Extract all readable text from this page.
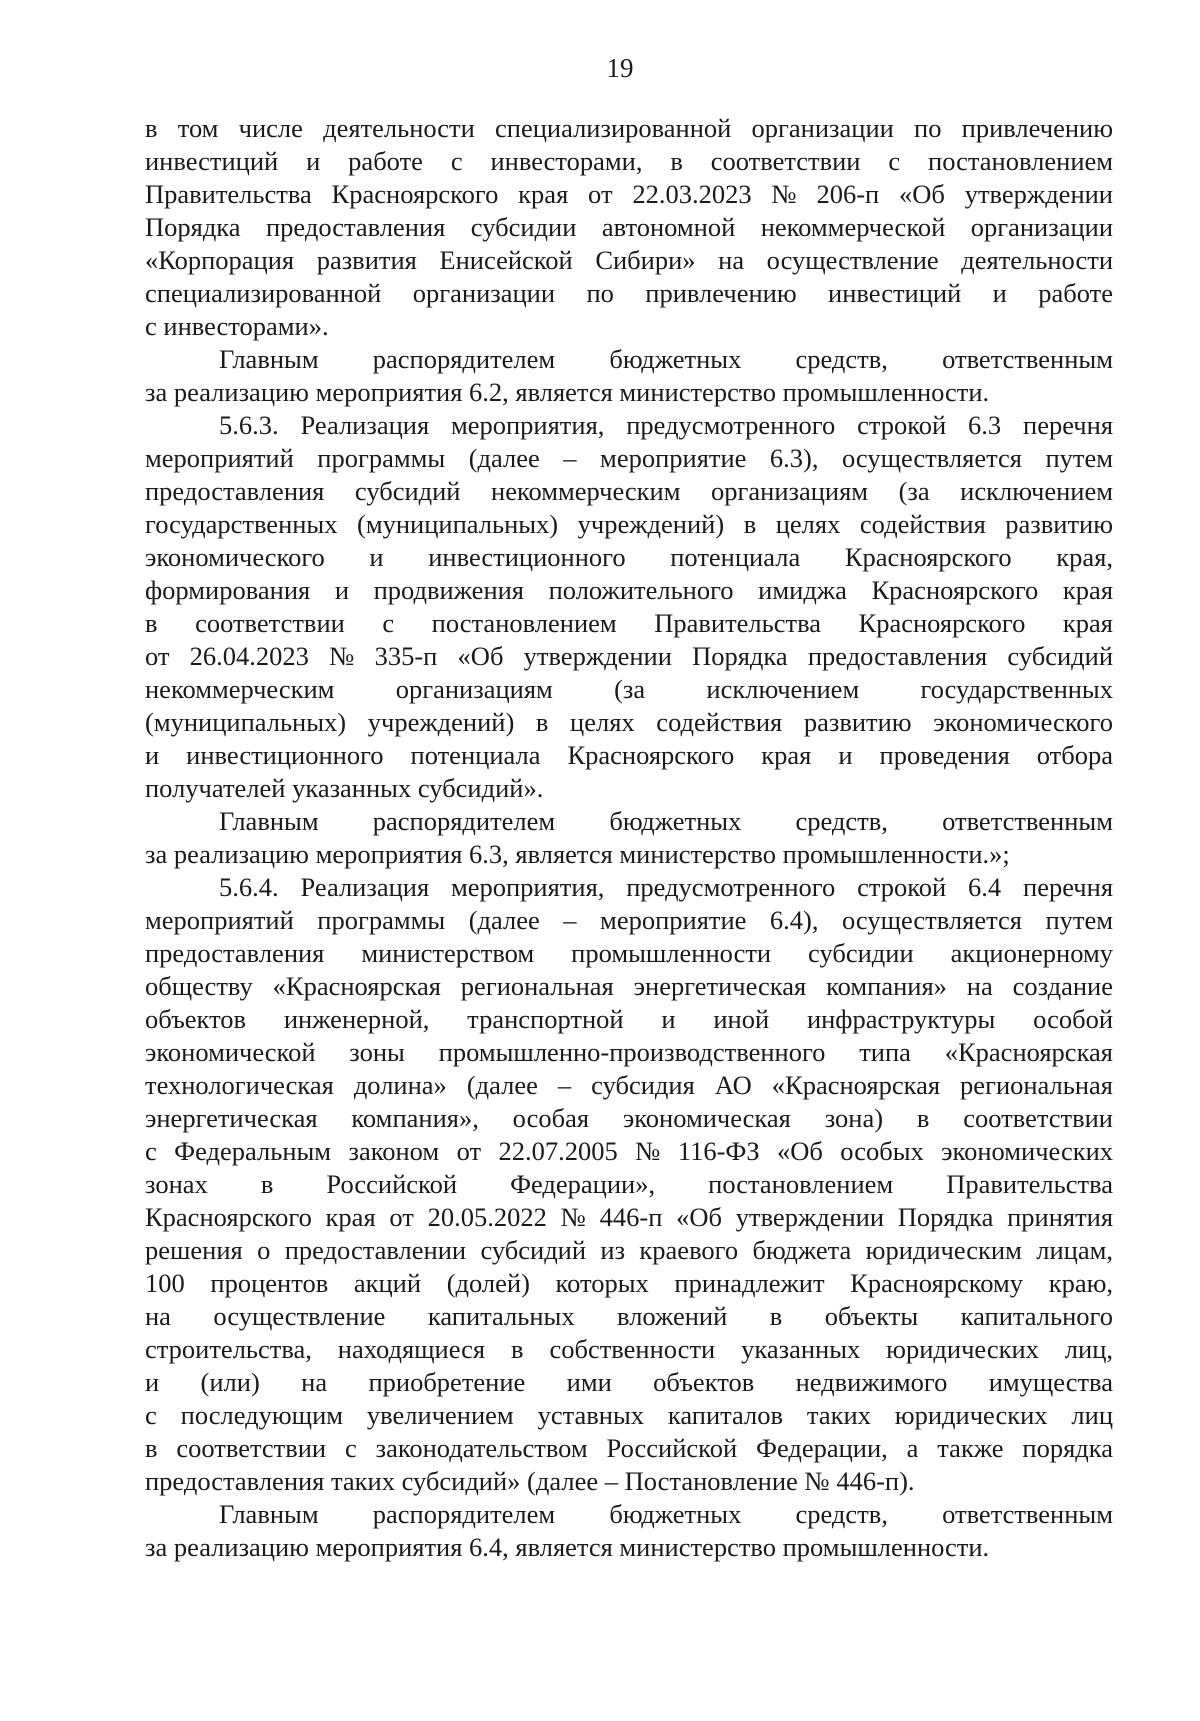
19
в том числе деятельности специализированной организации по привлечению
инвестиций и работе с инвесторами, в соответствии с постановлением
Правительства Красноярского края от 22.03.2023 № 206-п «Об утверждении
Порядка предоставления субсидии автономной некоммерческой организации
«Корпорация развития Енисейской Сибири» на осуществление деятельности
специализированной организации по привлечению инвестиций и работе
с инвесторами».
Главным распорядителем бюджетных средств, ответственным
за реализацию мероприятия 6.2, является министерство промышленности.
5.6.3. Реализация мероприятия, предусмотренного строкой 6.3 перечня
мероприятий программы (далее – мероприятие 6.3), осуществляется путем
предоставления субсидий некоммерческим организациям (за исключением
государственных (муниципальных) учреждений) в целях содействия развитию
экономического и инвестиционного потенциала Красноярского края,
формирования и продвижения положительного имиджа Красноярского края
в соответствии с постановлением Правительства Красноярского края
от 26.04.2023 № 335-п «Об утверждении Порядка предоставления субсидий
некоммерческим организациям (за исключением государственных
(муниципальных) учреждений) в целях содействия развитию экономического
и инвестиционного потенциала Красноярского края и проведения отбора
получателей указанных субсидий».
Главным распорядителем бюджетных средств, ответственным
за реализацию мероприятия 6.3, является министерство промышленности.»;
5.6.4. Реализация мероприятия, предусмотренного строкой 6.4 перечня
мероприятий программы (далее – мероприятие 6.4), осуществляется путем
предоставления министерством промышленности субсидии акционерному
обществу «Красноярская региональная энергетическая компания» на создание
объектов инженерной, транспортной и иной инфраструктуры особой
экономической зоны промышленно-производственного типа «Красноярская
технологическая долина» (далее – субсидия АО «Красноярская региональная
энергетическая компания», особая экономическая зона) в соответствии
с Федеральным законом от 22.07.2005 № 116-ФЗ «Об особых экономических
зонах в Российской Федерации», постановлением Правительства
Красноярского края от 20.05.2022 № 446-п «Об утверждении Порядка принятия
решения о предоставлении субсидий из краевого бюджета юридическим лицам,
100 процентов акций (долей) которых принадлежит Красноярскому краю,
на осуществление капитальных вложений в объекты капитального
строительства, находящиеся в собственности указанных юридических лиц,
и (или) на приобретение ими объектов недвижимого имущества
с последующим увеличением уставных капиталов таких юридических лиц
в соответствии с законодательством Российской Федерации, а также порядка
предоставления таких субсидий» (далее – Постановление № 446-п).
Главным распорядителем бюджетных средств, ответственным
за реализацию мероприятия 6.4, является министерство промышленности.
